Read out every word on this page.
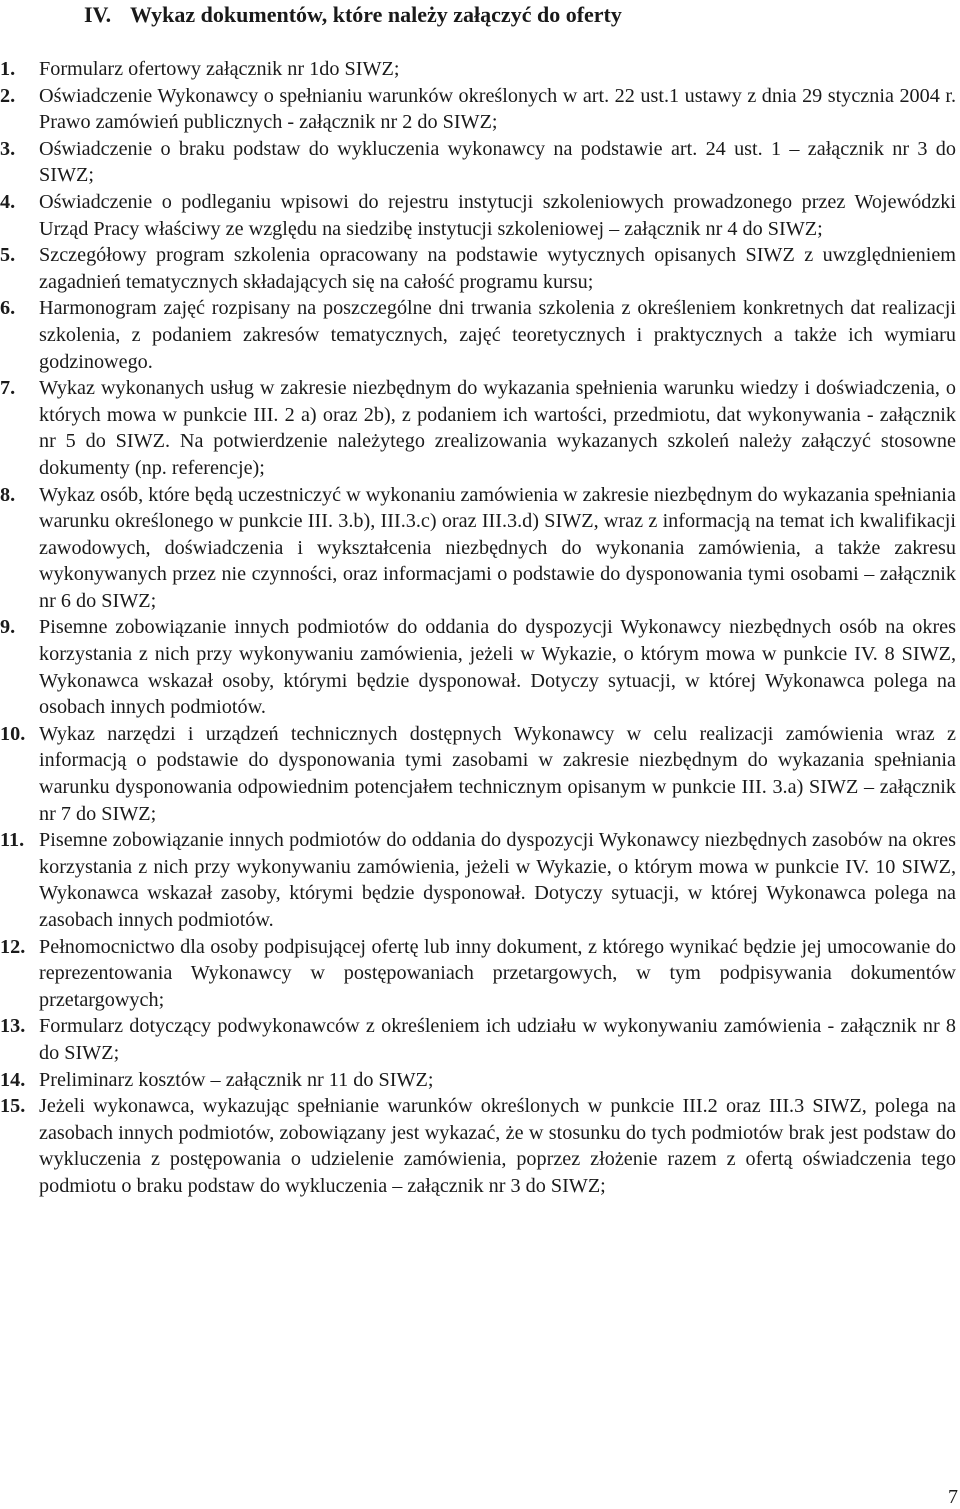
IV. Wykaz dokumentów, które należy załączyć do oferty
1. Formularz ofertowy załącznik nr 1do SIWZ;
2. Oświadczenie Wykonawcy o spełnianiu warunków określonych w art. 22 ust.1 ustawy z dnia 29 stycznia 2004 r. Prawo zamówień publicznych - załącznik nr 2 do SIWZ;
3. Oświadczenie o braku podstaw do wykluczenia wykonawcy na podstawie art. 24 ust. 1 – załącznik nr 3 do SIWZ;
4. Oświadczenie o podleganiu wpisowi do rejestru instytucji szkoleniowych prowadzonego przez Wojewódzki Urząd Pracy właściwy ze względu na siedzibę instytucji szkoleniowej – załącznik nr 4 do SIWZ;
5. Szczegółowy program szkolenia opracowany na podstawie wytycznych opisanych SIWZ z uwzględnieniem zagadnień tematycznych składających się na całość programu kursu;
6. Harmonogram zajęć rozpisany na poszczególne dni trwania szkolenia z określeniem konkretnych dat realizacji szkolenia, z podaniem zakresów tematycznych, zajęć teoretycznych i praktycznych a także ich wymiaru godzinowego.
7. Wykaz wykonanych usług w zakresie niezbędnym do wykazania spełnienia warunku wiedzy i doświadczenia, o których mowa w punkcie III. 2 a) oraz 2b), z podaniem ich wartości, przedmiotu, dat wykonywania - załącznik nr 5 do SIWZ. Na potwierdzenie należytego zrealizowania wykazanych szkoleń należy załączyć stosowne dokumenty (np. referencje);
8. Wykaz osób, które będą uczestniczyć w wykonaniu zamówienia w zakresie niezbędnym do wykazania spełniania warunku określonego w punkcie III. 3.b), III.3.c) oraz III.3.d) SIWZ, wraz z informacją na temat ich kwalifikacji zawodowych, doświadczenia i wykształcenia niezbędnych do wykonania zamówienia, a także zakresu wykonywanych przez nie czynności, oraz informacjami o podstawie do dysponowania tymi osobami – załącznik nr 6 do SIWZ;
9. Pisemne zobowiązanie innych podmiotów do oddania do dyspozycji Wykonawcy niezbędnych osób na okres korzystania z nich przy wykonywaniu zamówienia, jeżeli w Wykazie, o którym mowa w punkcie IV. 8 SIWZ, Wykonawca wskazał osoby, którymi będzie dysponował. Dotyczy sytuacji, w której Wykonawca polega na osobach innych podmiotów.
10. Wykaz narzędzi i urządzeń technicznych dostępnych Wykonawcy w celu realizacji zamówienia wraz z informacją o podstawie do dysponowania tymi zasobami w zakresie niezbędnym do wykazania spełniania warunku dysponowania odpowiednim potencjałem technicznym opisanym w punkcie III. 3.a) SIWZ – załącznik nr 7 do SIWZ;
11. Pisemne zobowiązanie innych podmiotów do oddania do dyspozycji Wykonawcy niezbędnych zasobów na okres korzystania z nich przy wykonywaniu zamówienia, jeżeli w Wykazie, o którym mowa w punkcie IV. 10 SIWZ, Wykonawca wskazał zasoby, którymi będzie dysponował. Dotyczy sytuacji, w której Wykonawca polega na zasobach innych podmiotów.
12. Pełnomocnictwo dla osoby podpisującej ofertę lub inny dokument, z którego wynikać będzie jej umocowanie do reprezentowania Wykonawcy w postępowaniach przetargowych, w tym podpisywania dokumentów przetargowych;
13. Formularz dotyczący podwykonawców z określeniem ich udziału w wykonywaniu zamówienia - załącznik nr 8 do SIWZ;
14. Preliminarz kosztów – załącznik nr 11 do SIWZ;
15. Jeżeli wykonawca, wykazując spełnianie warunków określonych w punkcie III.2 oraz III.3 SIWZ, polega na zasobach innych podmiotów, zobowiązany jest wykazać, że w stosunku do tych podmiotów brak jest podstaw do wykluczenia z postępowania o udzielenie zamówienia, poprzez złożenie razem z ofertą oświadczenia tego podmiotu o braku podstaw do wykluczenia – załącznik nr 3 do SIWZ;
7
